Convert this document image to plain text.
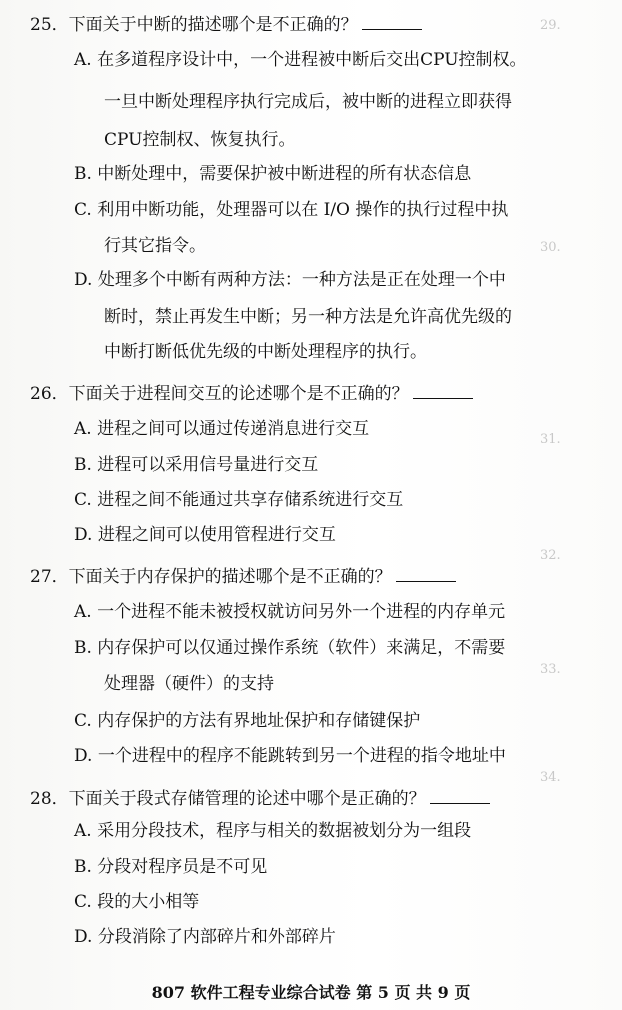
29.
30.
31.
32.
33.
34.
25．下面关于中断的描述哪个是不正确的？
A. 在多道程序设计中，一个进程被中断后交出CPU控制权。
一旦中断处理程序执行完成后，被中断的进程立即获得
CPU控制权、恢复执行。
B. 中断处理中，需要保护被中断进程的所有状态信息
C. 利用中断功能，处理器可以在 I/O 操作的执行过程中执
行其它指令。
D. 处理多个中断有两种方法：一种方法是正在处理一个中
断时，禁止再发生中断；另一种方法是允许高优先级的
中断打断低优先级的中断处理程序的执行。
26．下面关于进程间交互的论述哪个是不正确的？
A. 进程之间可以通过传递消息进行交互
B. 进程可以采用信号量进行交互
C. 进程之间不能通过共享存储系统进行交互
D. 进程之间可以使用管程进行交互
27．下面关于内存保护的描述哪个是不正确的？
A. 一个进程不能未被授权就访问另外一个进程的内存单元
B. 内存保护可以仅通过操作系统（软件）来满足，不需要
处理器（硬件）的支持
C. 内存保护的方法有界地址保护和存储键保护
D. 一个进程中的程序不能跳转到另一个进程的指令地址中
28．下面关于段式存储管理的论述中哪个是正确的？
A. 采用分段技术，程序与相关的数据被划分为一组段
B. 分段对程序员是不可见
C. 段的大小相等
D. 分段消除了内部碎片和外部碎片
807 软件工程专业综合试卷 第 5 页 共 9 页
